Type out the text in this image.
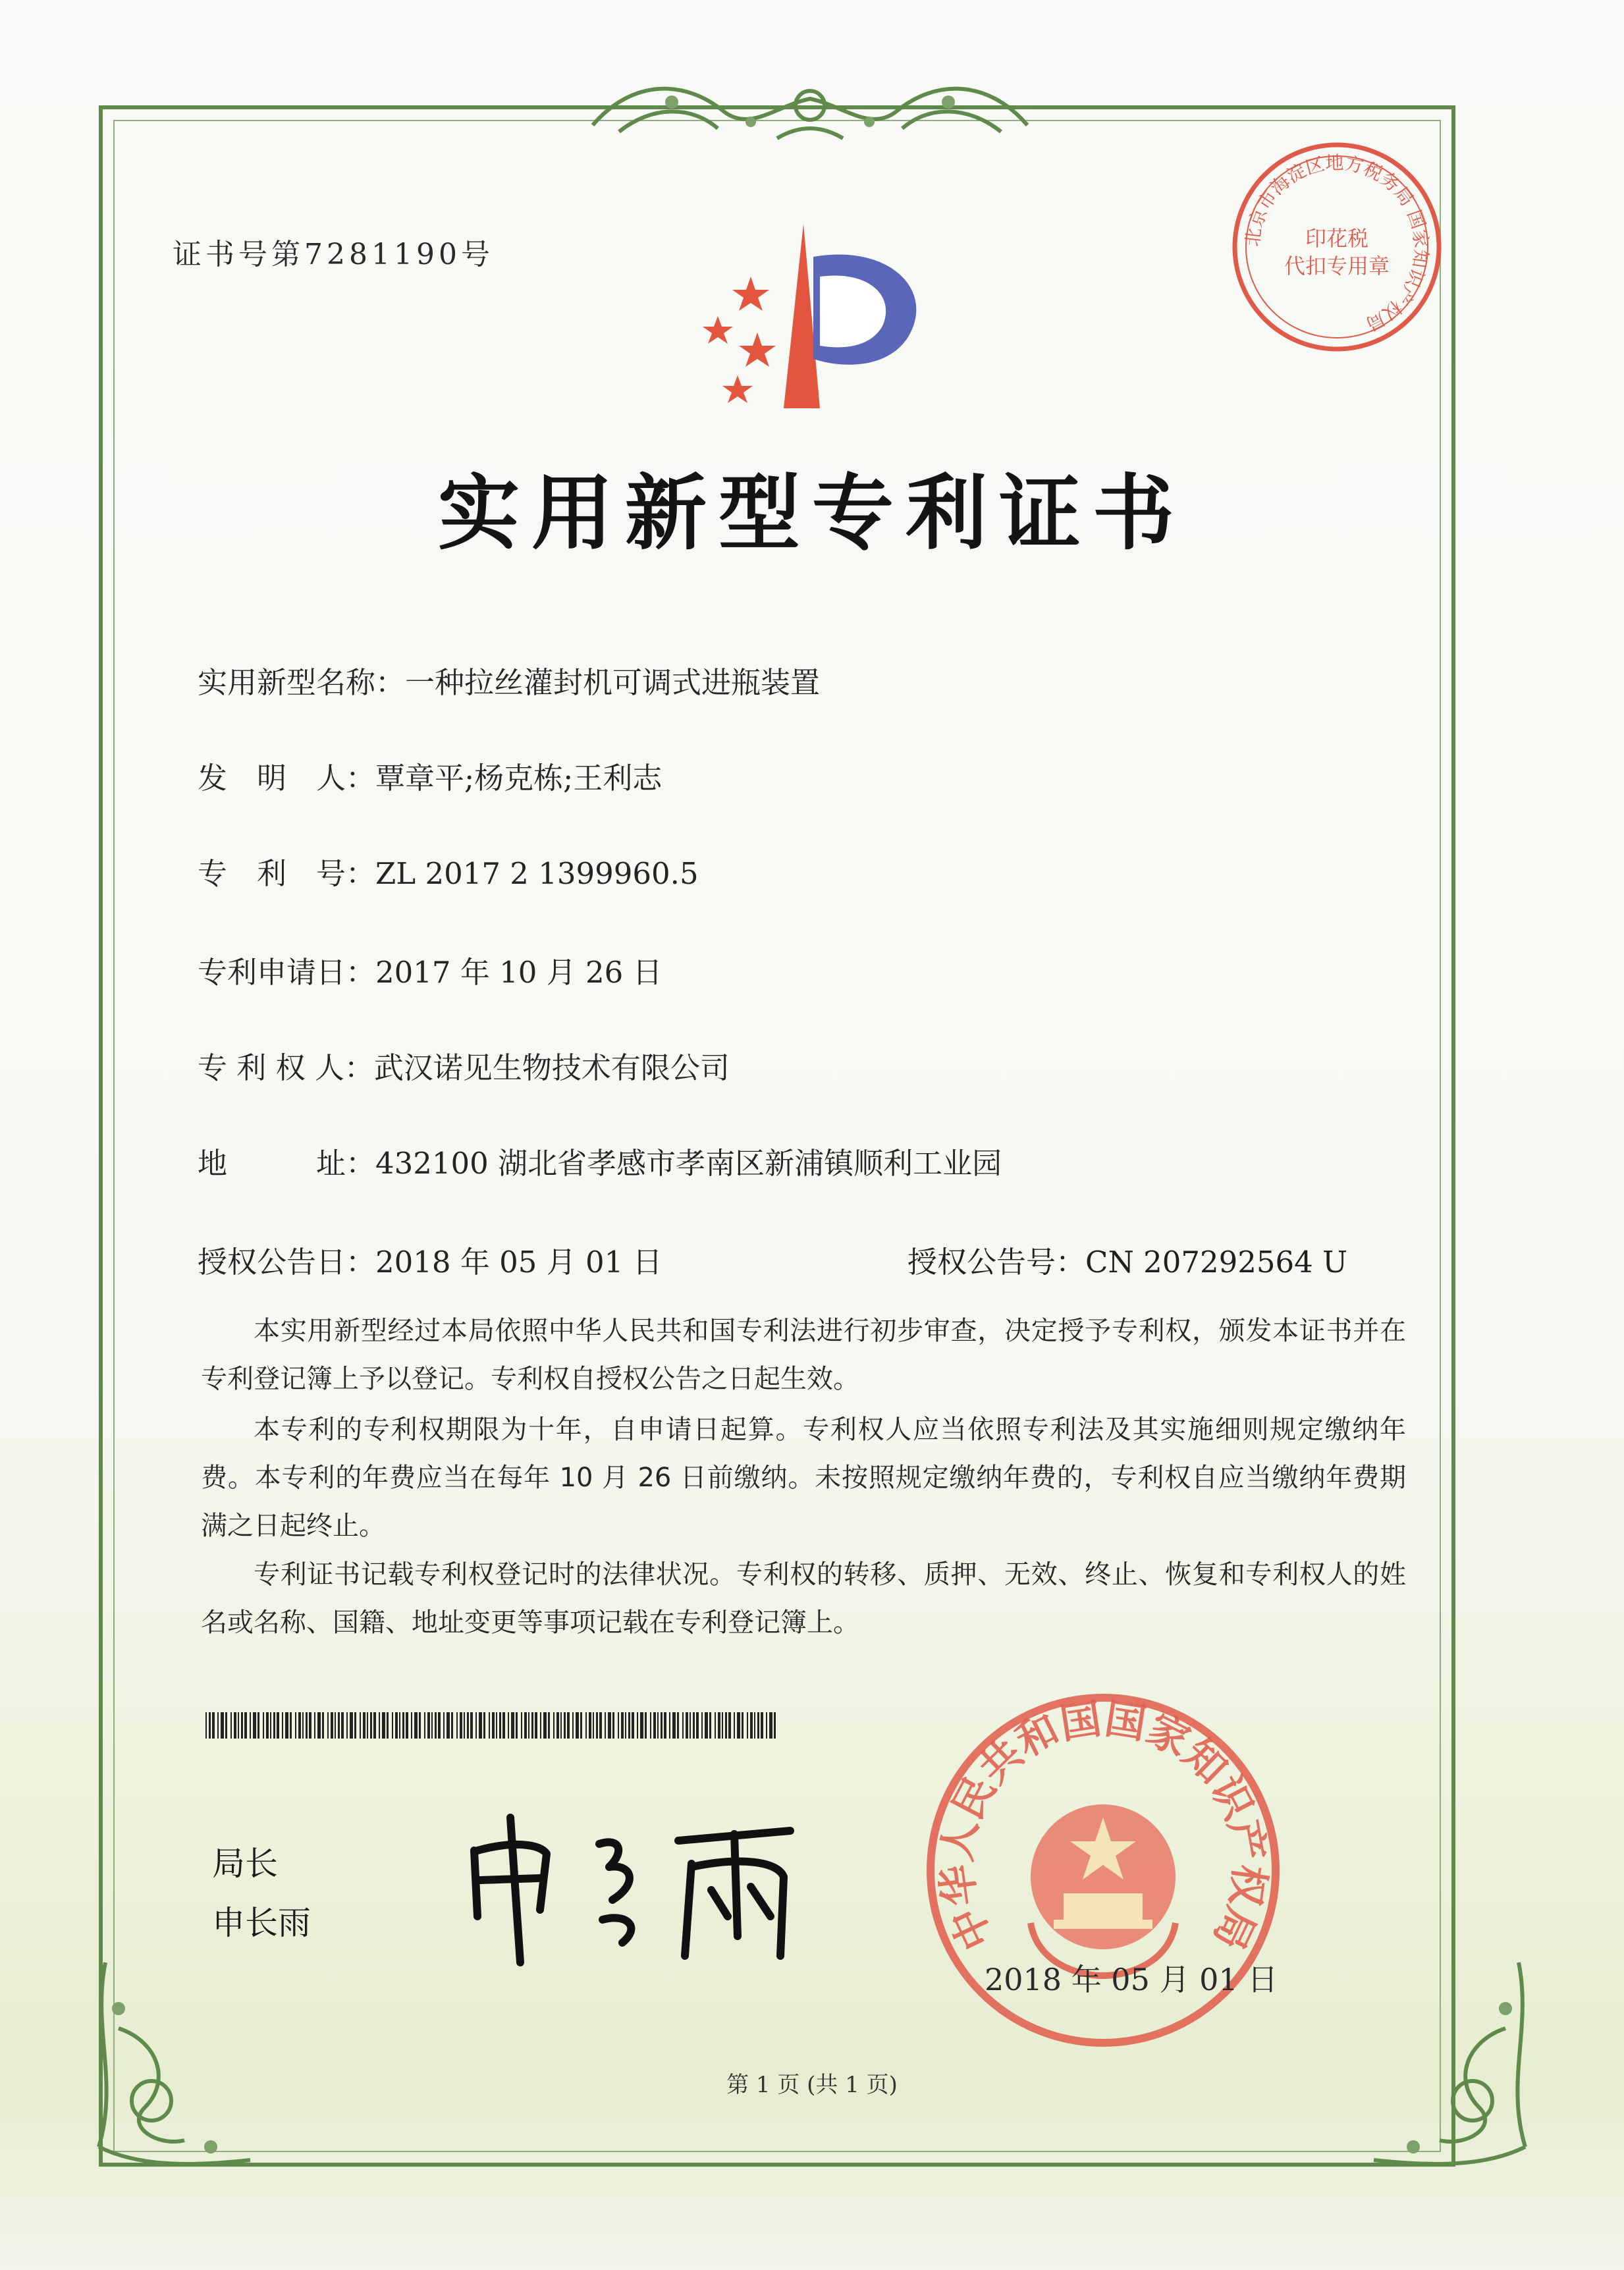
证书号第7281190号
北京市海淀区地方税务局 国家知识产权局
印花税
代扣专用章
实用新型专利证书
实用新型名称：一种拉丝灌封机可调式进瓶装置
发　明　人：覃章平;杨克栋;王利志
专　利　号：ZL 2017 2 1399960.5
专利申请日：2017 年 10 月 26 日
专 利 权 人：武汉诺见生物技术有限公司
地　　　址：432100 湖北省孝感市孝南区新浦镇顺利工业园
授权公告日：2018 年 05 月 01 日	授权公告号：CN 207292564 U
本实用新型经过本局依照中华人民共和国专利法进行初步审查，决定授予专利权，颁发本证书并在专利登记簿上予以登记。专利权自授权公告之日起生效。
本专利的专利权期限为十年，自申请日起算。专利权人应当依照专利法及其实施细则规定缴纳年费。本专利的年费应当在每年 10 月 26 日前缴纳。未按照规定缴纳年费的，专利权自应当缴纳年费期满之日起终止。
专利证书记载专利权登记时的法律状况。专利权的转移、质押、无效、终止、恢复和专利权人的姓名或名称、国籍、地址变更等事项记载在专利登记簿上。
局长
申长雨	中华人民共和国国家知识产权局
2018 年 05 月 01 日
第 1 页 (共 1 页)
